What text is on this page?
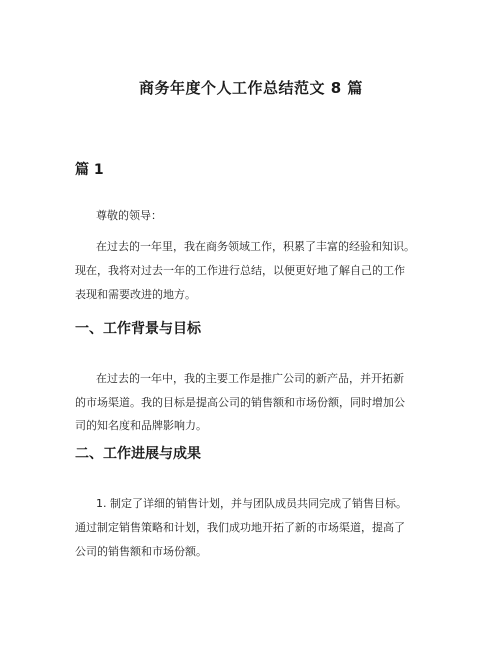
商务年度个人工作总结范文 8 篇
篇 1

尊敬的领导：

在过去的一年里，我在商务领域工作，积累了丰富的经验和知识。

现在，我将对过去一年的工作进行总结，以便更好地了解自己的工作

表现和需要改进的地方。

一、工作背景与目标

在过去的一年中，我的主要工作是推广公司的新产品，并开拓新

的市场渠道。我的目标是提高公司的销售额和市场份额，同时增加公

司的知名度和品牌影响力。

二、工作进展与成果

1. 制定了详细的销售计划，并与团队成员共同完成了销售目标。

通过制定销售策略和计划，我们成功地开拓了新的市场渠道，提高了

公司的销售额和市场份额。
